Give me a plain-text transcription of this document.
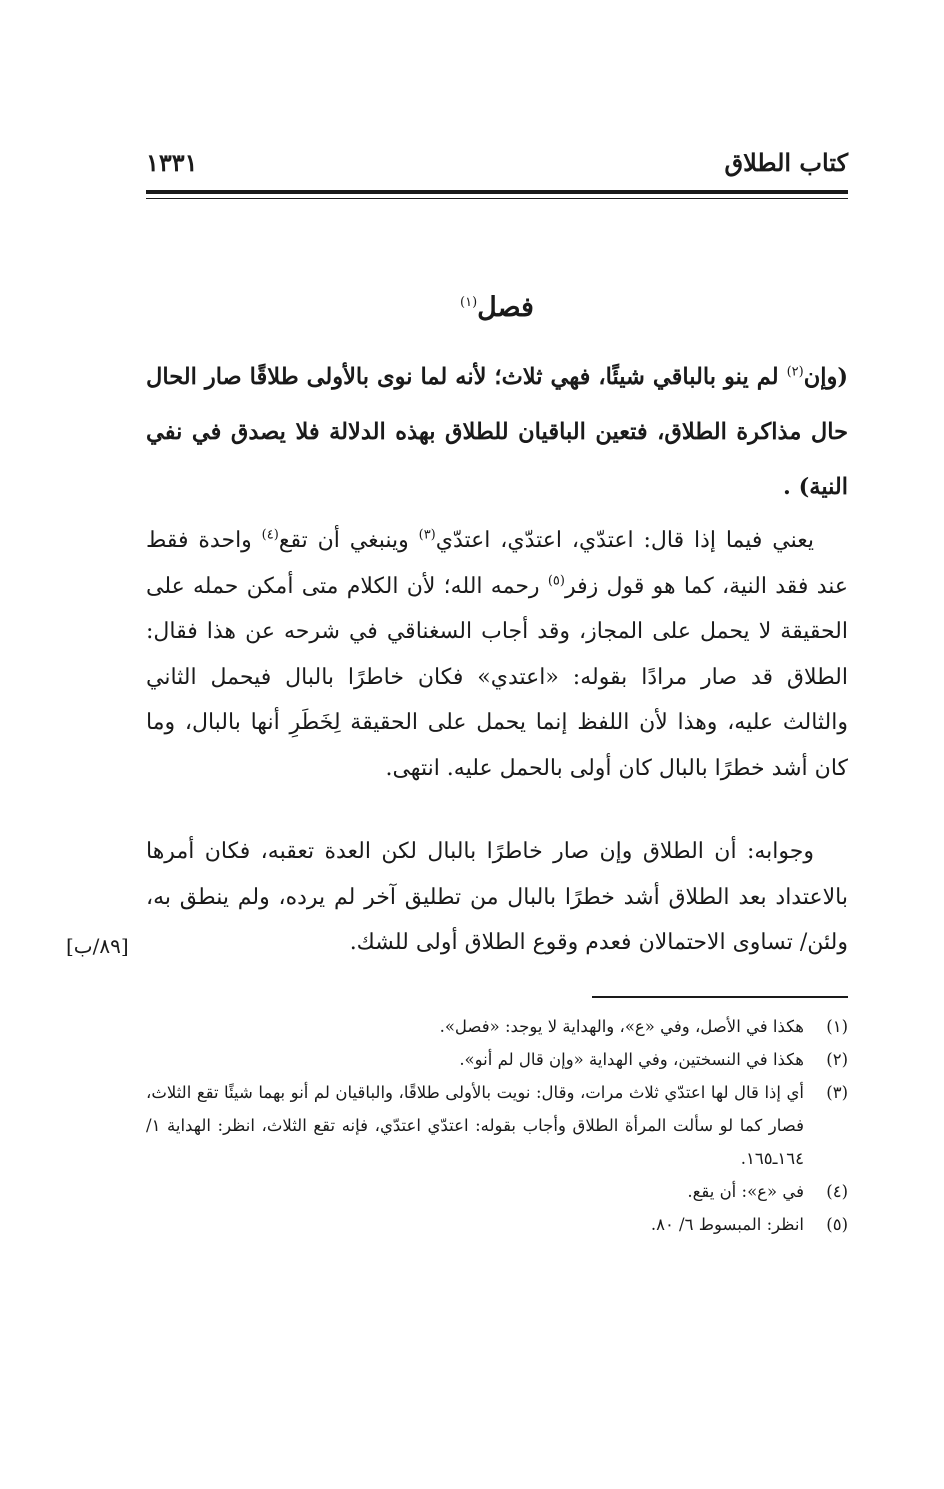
كتاب الطلاق
١٣٣١
فصل$^{(١)}$
(وإن$^{(٢)}$ لم ينو بالباقي شيئًا، فهي ثلاث؛ لأنه لما نوى بالأولى طلاقًا صار الحال حال مذاكرة الطلاق، فتعين الباقيان للطلاق بهذه الدلالة فلا يصدق في نفي النية) .

يعني فيما إذا قال: اعتدّي، اعتدّي، اعتدّي$^{(٣)}$ وينبغي أن تقع$^{(٤)}$ واحدة فقط عند فقد النية، كما هو قول زفر$^{(٥)}$ رحمه الله؛ لأن الكلام متى أمكن حمله على الحقيقة لا يحمل على المجاز، وقد أجاب السغناقي في شرحه عن هذا فقال: الطلاق قد صار مرادًا بقوله: «اعتدي» فكان خاطرًا بالبال فيحمل الثاني والثالث عليه، وهذا لأن اللفظ إنما يحمل على الحقيقة لِخَطَرِ أنها بالبال، وما كان أشد خطرًا بالبال كان أولى بالحمل عليه. انتهى.

وجوابه: أن الطلاق وإن صار خاطرًا بالبال لكن العدة تعقبه، فكان أمرها بالاعتداد بعد الطلاق أشد خطرًا بالبال من تطليق آخر لم يرده، ولم ينطق به، ولئن/ تساوى الاحتمالان فعدم وقوع الطلاق أولى للشك.

[٨٩/ب]
(١)
هكذا في الأصل، وفي «ع»، والهداية لا يوجد: «فصل».
(٢)
هكذا في النسختين، وفي الهداية «وإن قال لم أنو».
(٣)
أي إذا قال لها اعتدّي ثلاث مرات، وقال: نويت بالأولى طلاقًا، والباقيان لم أنو بهما شيئًا تقع الثلاث، فصار كما لو سألت المرأة الطلاق وأجاب بقوله: اعتدّي اعتدّي، فإنه تقع الثلاث، انظر: الهداية ١/ ١٦٤ـ١٦٥.
(٤)
في «ع»: أن يقع.
(٥)
انظر: المبسوط ٦/ ٨٠.
